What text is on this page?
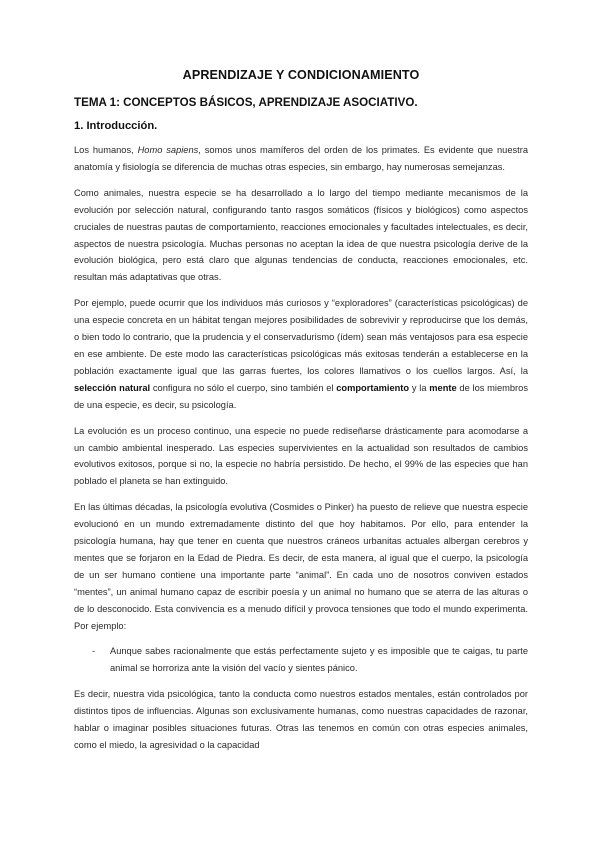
APRENDIZAJE Y CONDICIONAMIENTO
TEMA 1: CONCEPTOS BÁSICOS, APRENDIZAJE ASOCIATIVO.
1. Introducción.

Los humanos, Homo sapiens, somos unos mamíferos del orden de los primates. Es evidente que nuestra anatomía y fisiología se diferencia de muchas otras especies, sin embargo, hay numerosas semejanzas.

Como animales, nuestra especie se ha desarrollado a lo largo del tiempo mediante mecanismos de la evolución por selección natural, configurando tanto rasgos somáticos (físicos y biológicos) como aspectos cruciales de nuestras pautas de comportamiento, reacciones emocionales y facultades intelectuales, es decir, aspectos de nuestra psicología. Muchas personas no aceptan la idea de que nuestra psicología derive de la evolución biológica, pero está claro que algunas tendencias de conducta, reacciones emocionales, etc. resultan más adaptativas que otras.

Por ejemplo, puede ocurrir que los individuos más curiosos y “exploradores” (características psicológicas) de una especie concreta en un hábitat tengan mejores posibilidades de sobrevivir y reproducirse que los demás, o bien todo lo contrario, que la prudencia y el conservadurismo (ídem) sean más ventajosos para esa especie en ese ambiente. De este modo las características psicológicas más exitosas tenderán a establecerse en la población exactamente igual que las garras fuertes, los colores llamativos o los cuellos largos. Así, la selección natural configura no sólo el cuerpo, sino también el comportamiento y la mente de los miembros de una especie, es decir, su psicología.

La evolución es un proceso continuo, una especie no puede rediseñarse drásticamente para acomodarse a un cambio ambiental inesperado. Las especies supervivientes en la actualidad son resultados de cambios evolutivos exitosos, porque si no, la especie no habría persistido. De hecho, el 99% de las especies que han poblado el planeta se han extinguido.

En las últimas décadas, la psicología evolutiva (Cosmides o Pinker) ha puesto de relieve que nuestra especie evolucionó en un mundo extremadamente distinto del que hoy habitamos. Por ello, para entender la psicología humana, hay que tener en cuenta que nuestros cráneos urbanitas actuales albergan cerebros y mentes que se forjaron en la Edad de Piedra. Es decir, de esta manera, al igual que el cuerpo, la psicología de un ser humano contiene una importante parte “animal”. En cada uno de nosotros conviven estados “mentes”, un animal humano capaz de escribir poesía y un animal no humano que se aterra de las alturas o de lo desconocido. Esta convivencia es a menudo difícil y provoca tensiones que todo el mundo experimenta. Por ejemplo:

- Aunque sabes racionalmente que estás perfectamente sujeto y es imposible que te caigas, tu parte animal se horroriza ante la visión del vacío y sientes pánico.

Es decir, nuestra vida psicológica, tanto la conducta como nuestros estados mentales, están controlados por distintos tipos de influencias. Algunas son exclusivamente humanas, como nuestras capacidades de razonar, hablar o imaginar posibles situaciones futuras. Otras las tenemos en común con otras especies animales, como el miedo, la agresividad o la capacidad
